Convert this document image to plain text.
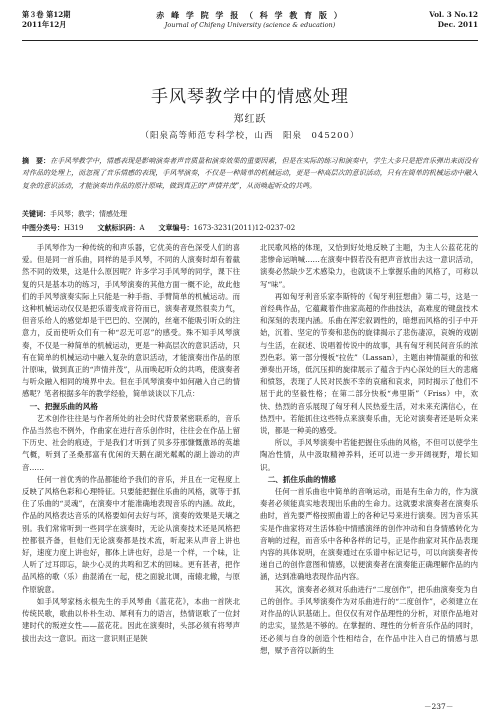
第３卷 第12期
2011年12月
赤 峰 学 院 学 报 （ 科 学 教 育 版 ）
Journal of Chifeng University (science & education)
Vol. 3 No.12
Dec. 2011
手风琴教学中的情感处理
郑红跃
（阳泉高等师范专科学校，山西　阳泉　045200）
摘　要：在手风琴教学中，情感表现是影响演奏者声音质量和演奏效果的重要因素，但是在实际的练习和演奏中，学生大多只是把音乐弹出来而没有对作品的处理上，而忽视了音乐情感的表现，手风琴演奏，不仅是一种简单的机械运动，更是一种高层次的意识活动，只有在简单的机械运动中融入复杂的意识活动，才能演奏出作品的原汁原味，做到真正的“声情并茂”，从而唤起听众的共鸣。
关键词：手风琴；教学；情感处理
中图分类号：H319 文献标识码：A 文章编号：1673-3231(2011)12-0237-02

手风琴作为一种传统的和声乐器，它优美的音色深受人们的喜爱。但是同一首乐曲，同样的是手风琴，不同的人演奏时却有着截然不同的效果，这是什么原因呢？许多学习手风琴的同学，课下往复的只是基本功的练习，手风琴演奏的其他方面一概不论，故此他们的手风琴演奏实际上只能是一种手指、手臂简单的机械运动。而这种机械运动仅仅是把乐谱变成音符而已，演奏者观然很卖力气，但音乐给人的感觉却是干巴巴的、空洞的，丝毫不能吸引听众的注意力，反而使听众们有一种“忍无可忍”的感受。殊不知手风琴演奏，不仅是一种简单的机械运动，更是一种高层次的意识活动，只有在简单的机械运动中融入复杂的意识活动，才能演奏出作品的原汁原味，做到真正的“声情并茂”，从而唤起听众的共鸣，使演奏者与听众融入相同的境界中去。但在手风琴演奏中如何融入自己的情感呢？笔者根据多年的教学经验，简单谈谈以下几点：

一、把握乐曲的风格

艺术创作往往是与作者所处的社会时代背景紧密联系的，音乐作品当然也不例外，作曲家在进行音乐创作时，往往会在作品上留下历史、社会的痕迹，于是我们才听到了贝多芬那慷慨激昂的英雄气概，听到了圣桑那富有优闲的天鹅在湖光粼粼的湖上游动的声音……

任何一首优秀的作品都能给予我们的音乐，并且在一定程度上反映了风格色彩和心理特征。只要能把握住乐曲的风格，就等于抓住了乐曲的“灵魂”，在演奏中才能准确地表现音乐的内涵。故此，作品的风格表达音乐的风格要如何去好与坏，演奏的效果是天壤之别。我们常常听到一些同学在演奏时，无论从演奏技术还是风格把控都很齐备，但他们无论演奏都是技术流，听起来从声音上讲也好，速度力度上讲也好，都体上讲也好，总是一个样，一个味，让人听了过耳即忘，缺少心灵的共鸣和艺术的回味。更有甚者，把作品风格的歌（乐）曲混淆在一起，使之面貌北调，南辕北辙，与原作原貌意。

如手风琴家杨永根先生的手风琴曲《蓝花花》，本曲一首陕北传统民歌，歌曲以朴朴生动、犀利有力的语言，热情讴歌了一位封建时代的叛逆女性——蓝花花。因此在演奏时，头部必须有将琴声拔出去这一意识。而这一意识则正是陕

北民歌风格的体现，又恰到好处地反映了主题，为主人公蓝花花的悲惨命运呐喊……在演奏中假若没有把声音放出去这一意识活动，演奏必然缺少艺术感染力，也就谈不上掌握乐曲的风格了，可称以写“味”。

再如匈牙利音乐家李斯特的《匈牙利狂想曲》第二号，这是一首经典作品，它蕴藏着作曲家高超的作曲技法，高难度的键盘技术和深刻的表现内涵。乐曲在浑宏叙调性的，暗想而风格的引子中开始，沉着、坚定的节奏和悲伤的旋律揭示了悲伤凄凉，哀婉的戏剧与生活，在叙述、说唱着传说中的故事，具有匈牙利民间音乐的浓烈色彩。第一部分慢板“拉佐”（Lassan），主题由神情凝重的和弦弹奏出开场，低沉压抑的旋律展示了蕴含于内心深处的巨大的悲痛和愤怒，表现了人民对民族不幸的哀痛和哀求，同时揭示了他们不屈于此的坚毅性格；在第二部分快板“弗里斯”（Friss）中，欢快、热烈的音乐展现了匈牙利人民热爱生活，对未来充满信心，在热烈中。若能抓住这些特点来演奏乐曲，无论对演奏者还是听众来说，都是一种美的感受。

所以，手风琴演奏中若能把握住乐曲的风格，不但可以使学生陶冶性情，从中汲取精神养料，还可以进一步开阔视野，增长知识。

二、抓住乐曲的情感

任何一首乐曲也中简单的音响运动，而是有生命力的，作为演奏者必须能真实地表现出乐曲的生命力。这就要求演奏者在演奏乐曲时，首先要严格按照曲谱上的各种记号来进行演奏。因为音乐其实是作曲家将对生活体验中情感演绎的创作冲动和自身情感转化为音响的过程，而音乐中各种各样的记号，正是作曲家对其作品表现内容的具体说明，在演奏通过在乐谱中标记记号，可以向演奏者传递自己的创作意图和情感，以便演奏者在演奏能正确理解作品的内涵，达到准确地表现作品内容。

其次，演奏者必须对乐曲进行“二度创作”，把乐曲演奏变为自己的创作。手风琴演奏作为对乐曲进行的“二度创作”，必须建立在对作品的认识基础上。但仅仅有对作品理性的分析，对原作品地对的忠实，显然是不够的。在掌握的、理性的分析音乐作品的同时，还必须与自身的创造个性相结合，在作品中注入自己的情感与思想，赋予音符以新的生

－237－
